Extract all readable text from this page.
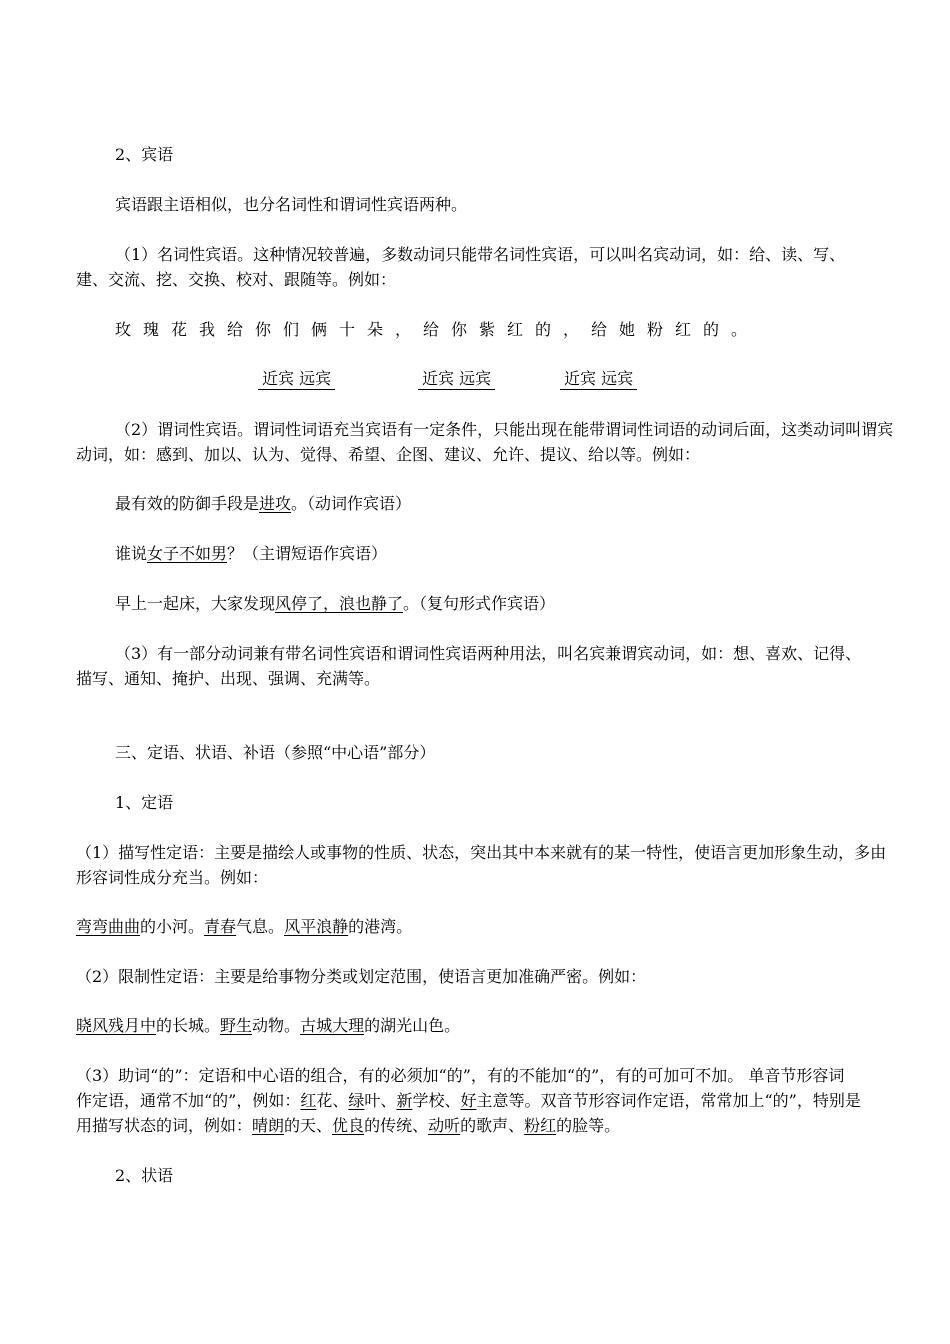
2、宾语
宾语跟主语相似，也分名词性和谓词性宾语两种。
（1）名词性宾语。这种情况较普遍，多数动词只能带名词性宾语，可以叫名宾动词，如：给、读、写、
建、交流、挖、交换、校对、跟随等。例如：
玫瑰花我给你们俩十朵，给你紫红的，给她粉红的。
近宾 远宾	近宾 远宾	近宾 远宾
（2）谓词性宾语。谓词性词语充当宾语有一定条件，只能出现在能带谓词性词语的动词后面，这类动词叫谓宾
动词，如：感到、加以、认为、觉得、希望、企图、建议、允许、提议、给以等。例如：
最有效的防御手段是进攻。（动词作宾语）
谁说女子不如男？（主谓短语作宾语）
早上一起床，大家发现风停了，浪也静了。（复句形式作宾语）
（3）有一部分动词兼有带名词性宾语和谓词性宾语两种用法，叫名宾兼谓宾动词，如：想、喜欢、记得、
描写、通知、掩护、出现、强调、充满等。
三、定语、状语、补语（参照“中心语”部分）
1、定语
（1）描写性定语：主要是描绘人或事物的性质、状态，突出其中本来就有的某一特性，使语言更加形象生动，多由
形容词性成分充当。例如：
弯弯曲曲的小河。青春气息。风平浪静的港湾。
（2）限制性定语：主要是给事物分类或划定范围，使语言更加准确严密。例如：
晓风残月中的长城。野生动物。古城大理的湖光山色。
（3）助词“的”：定语和中心语的组合，有的必须加“的”，有的不能加“的”，有的可加可不加。 单音节形容词
作定语，通常不加“的”，例如：红花、绿叶、新学校、好主意等。双音节形容词作定语，常常加上“的”，特别是
用描写状态的词，例如：晴朗的天、优良的传统、动听的歌声、粉红的脸等。
2、状语
